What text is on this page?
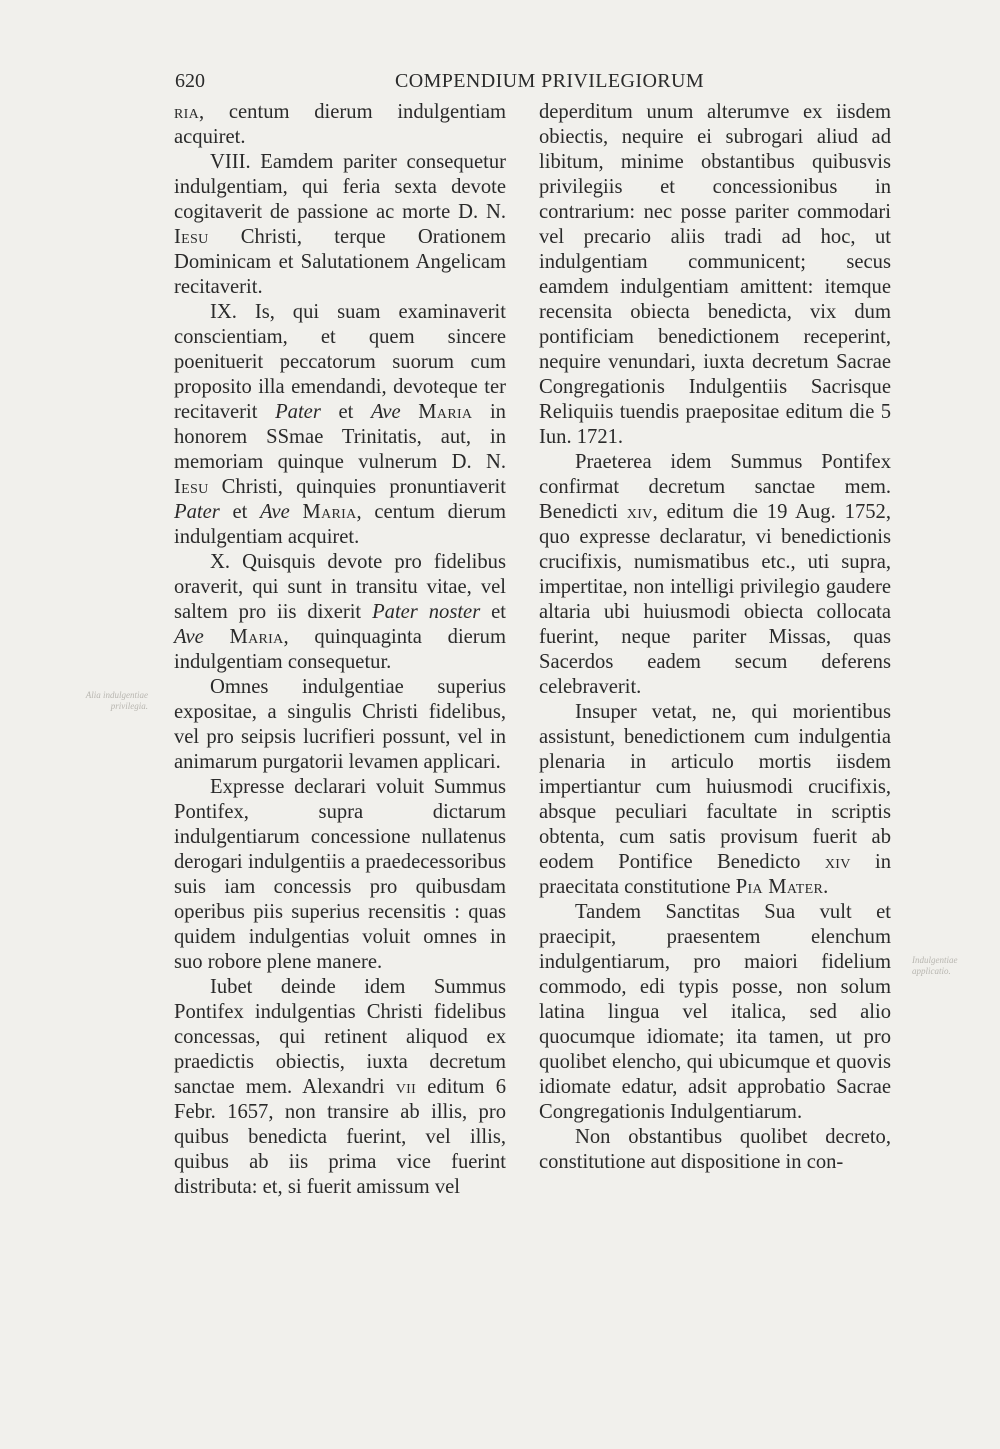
620	COMPENDIUM PRIVILEGIORUM
Alia indulgentiae privilegia.
Indulgentiae applicatio.

ria, centum dierum indulgentiam acquiret.

VIII. Eamdem pariter consequetur indulgentiam, qui feria sexta devote cogitaverit de passione ac morte D. N. Iesu Christi, terque Orationem Dominicam et Salutationem Angelicam recitaverit.

IX. Is, qui suam examinaverit conscientiam, et quem sincere poenituerit peccatorum suorum cum proposito illa emendandi, devoteque ter recitaverit Pater et Ave Maria in honorem SSmae Trinitatis, aut, in memoriam quinque vulnerum D. N. Iesu Christi, quinquies pronuntiaverit Pater et Ave Maria, centum dierum indulgentiam acquiret.

X. Quisquis devote pro fidelibus oraverit, qui sunt in transitu vitae, vel saltem pro iis dixerit Pater noster et Ave Maria, quinquaginta dierum indulgentiam consequetur.

Omnes indulgentiae superius expositae, a singulis Christi fidelibus, vel pro seipsis lucrifieri possunt, vel in animarum purgatorii levamen applicari.

Expresse declarari voluit Summus Pontifex, supra dictarum indulgentiarum concessione nullatenus derogari indulgentiis a praedecessoribus suis iam concessis pro quibusdam operibus piis superius recensitis : quas quidem indulgentias voluit omnes in suo robore plene manere.

Iubet deinde idem Summus Pontifex indulgentias Christi fidelibus concessas, qui retinent aliquod ex praedictis obiectis, iuxta decretum sanctae mem. Alexandri vii editum 6 Febr. 1657, non transire ab illis, pro quibus benedicta fuerint, vel illis, quibus ab iis prima vice fuerint distributa: et, si fuerit amissum vel

deperditum unum alterumve ex iisdem obiectis, nequire ei subrogari aliud ad libitum, minime obstantibus quibusvis privilegiis et concessionibus in contrarium: nec posse pariter commodari vel precario aliis tradi ad hoc, ut indulgentiam communicent; secus eamdem indulgentiam amittent: itemque recensita obiecta benedicta, vix dum pontificiam benedictionem receperint, nequire venundari, iuxta decretum Sacrae Congregationis Indulgentiis Sacrisque Reliquiis tuendis praepositae editum die 5 Iun. 1721.

Praeterea idem Summus Pontifex confirmat decretum sanctae mem. Benedicti xiv, editum die 19 Aug. 1752, quo expresse declaratur, vi benedictionis crucifixis, numismatibus etc., uti supra, impertitae, non intelligi privilegio gaudere altaria ubi huiusmodi obiecta collocata fuerint, neque pariter Missas, quas Sacerdos eadem secum deferens celebraverit.

Insuper vetat, ne, qui morientibus assistunt, benedictionem cum indulgentia plenaria in articulo mortis iisdem impertiantur cum huiusmodi crucifixis, absque peculiari facultate in scriptis obtenta, cum satis provisum fuerit ab eodem Pontifice Benedicto xiv in praecitata constitutione Pia Mater.

Tandem Sanctitas Sua vult et praecipit, praesentem elenchum indulgentiarum, pro maiori fidelium commodo, edi typis posse, non solum latina lingua vel italica, sed alio quocumque idiomate; ita tamen, ut pro quolibet elencho, qui ubicumque et quovis idiomate edatur, adsit approbatio Sacrae Congregationis Indulgentiarum.

Non obstantibus quolibet decreto, constitutione aut dispositione in con-
